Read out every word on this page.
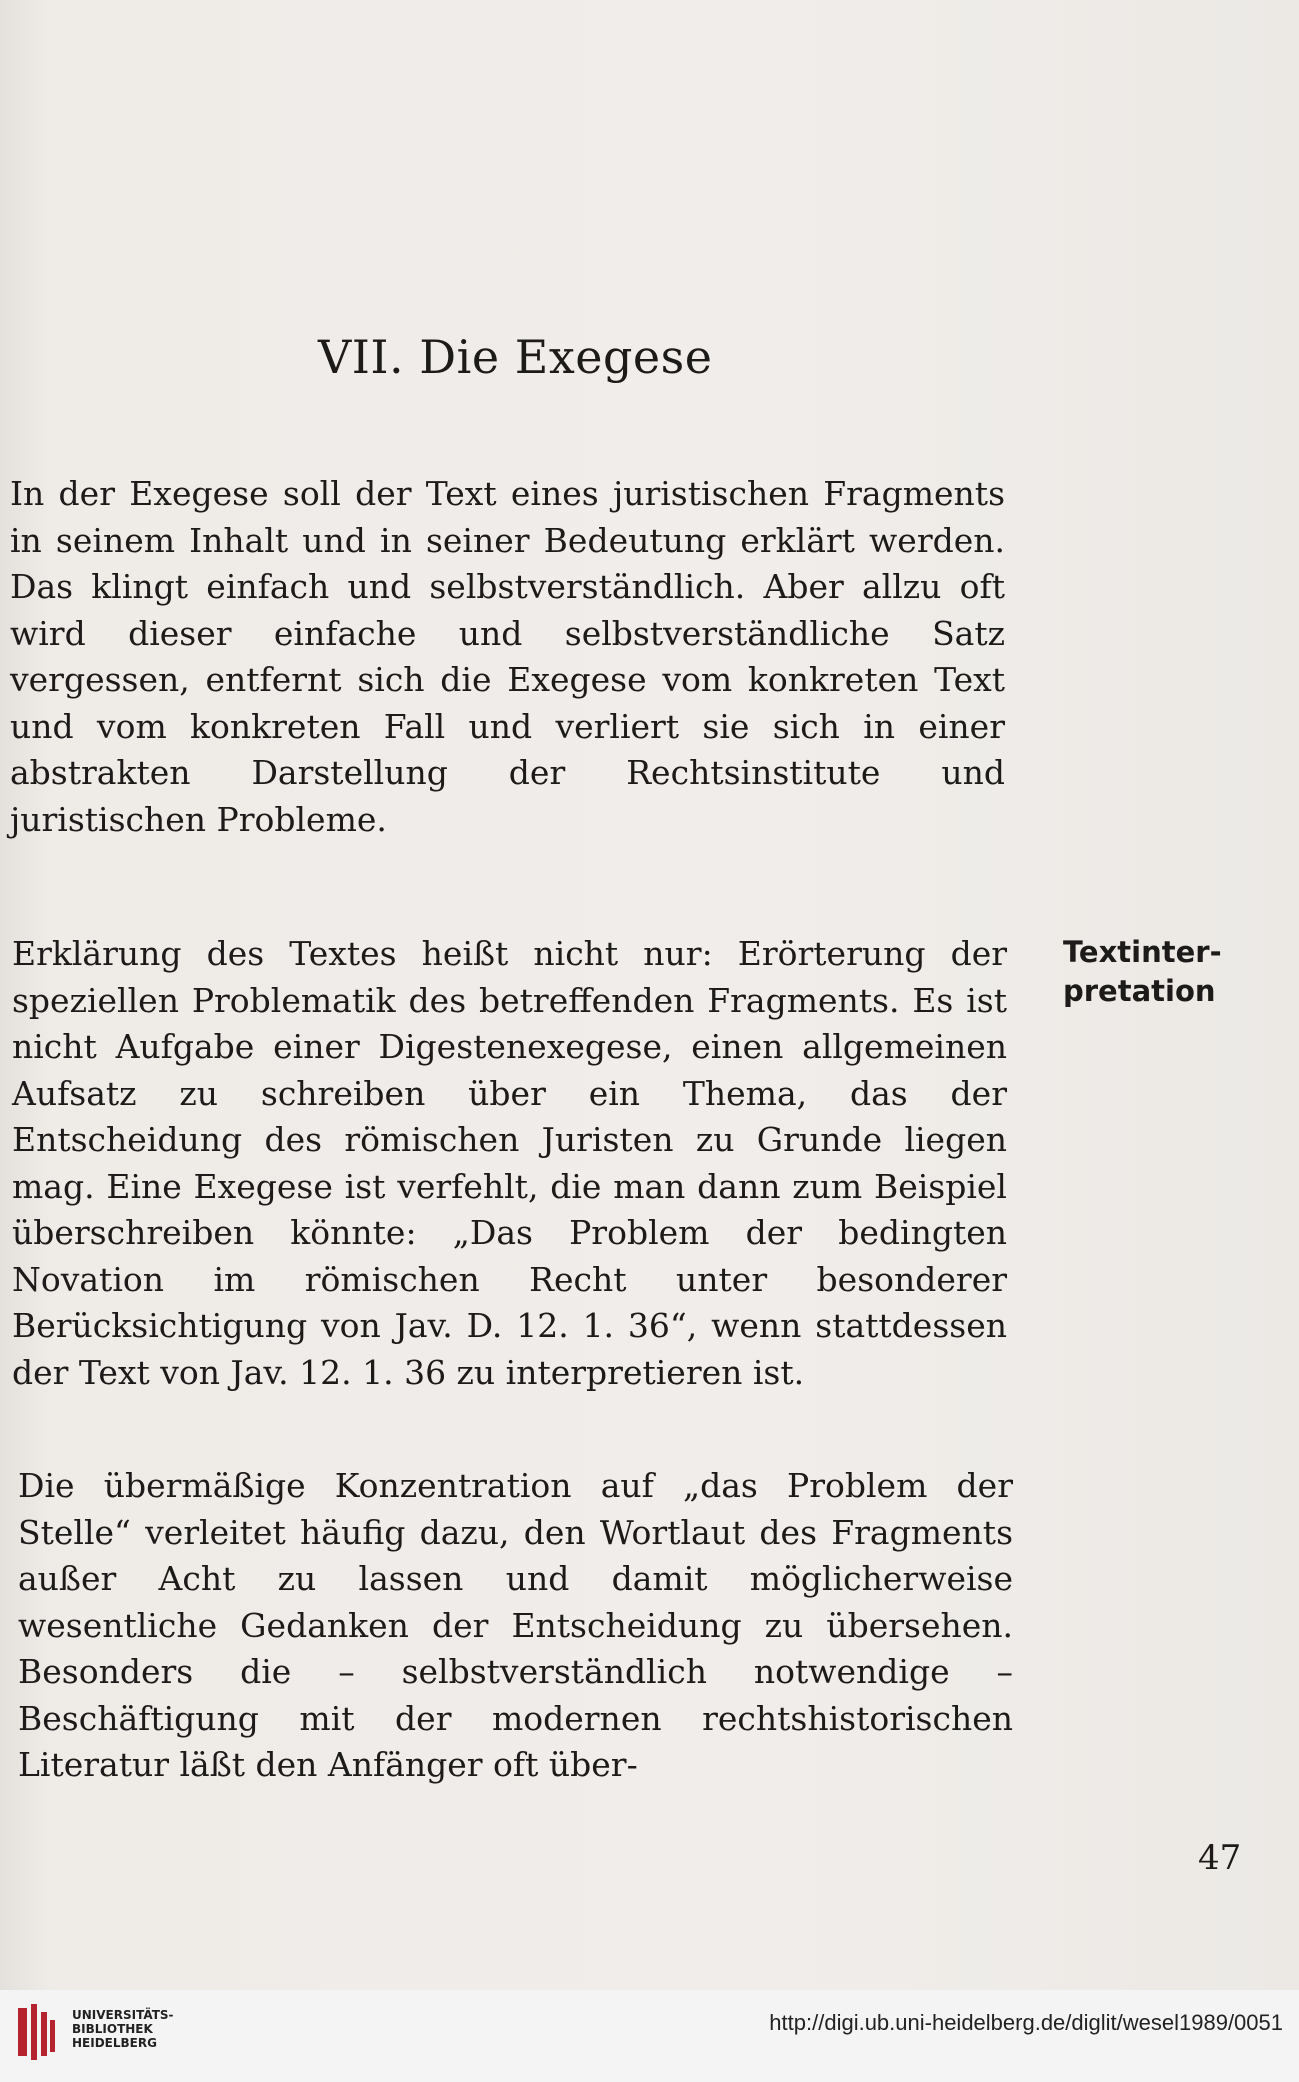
VII. Die Exegese

In der Exegese soll der Text eines juristischen Fragments in seinem Inhalt und in seiner Bedeutung erklärt werden. Das klingt einfach und selbstverständlich. Aber allzu oft wird dieser einfache und selbstverständliche Satz vergessen, entfernt sich die Exegese vom konkreten Text und vom konkreten Fall und verliert sie sich in einer abstrakten Darstellung der Rechtsinstitute und juristischen Probleme.

Erklärung des Textes heißt nicht nur: Erörterung der speziellen Problematik des betreffenden Fragments. Es ist nicht Aufgabe einer Digestenexegese, einen allgemeinen Aufsatz zu schreiben über ein Thema, das der Entscheidung des römischen Juristen zu Grunde liegen mag. Eine Exegese ist verfehlt, die man dann zum Beispiel überschreiben könnte: „Das Problem der bedingten Novation im römischen Recht unter besonderer Berücksichtigung von Jav. D. 12. 1. 36“, wenn stattdessen der Text von Jav. 12. 1. 36 zu interpretieren ist.

Die übermäßige Konzentration auf „das Problem der Stelle“ verleitet häufig dazu, den Wortlaut des Fragments außer Acht zu lassen und damit möglicherweise wesentliche Gedanken der Entscheidung zu übersehen. Besonders die – selbstverständlich notwendige – Beschäftigung mit der modernen rechtshistorischen Literatur läßt den Anfänger oft über-

Textinter-
pretation

47
UNIVERSITÄTS-
BIBLIOTHEK
HEIDELBERG
http://digi.ub.uni-heidelberg.de/diglit/wesel1989/0051
